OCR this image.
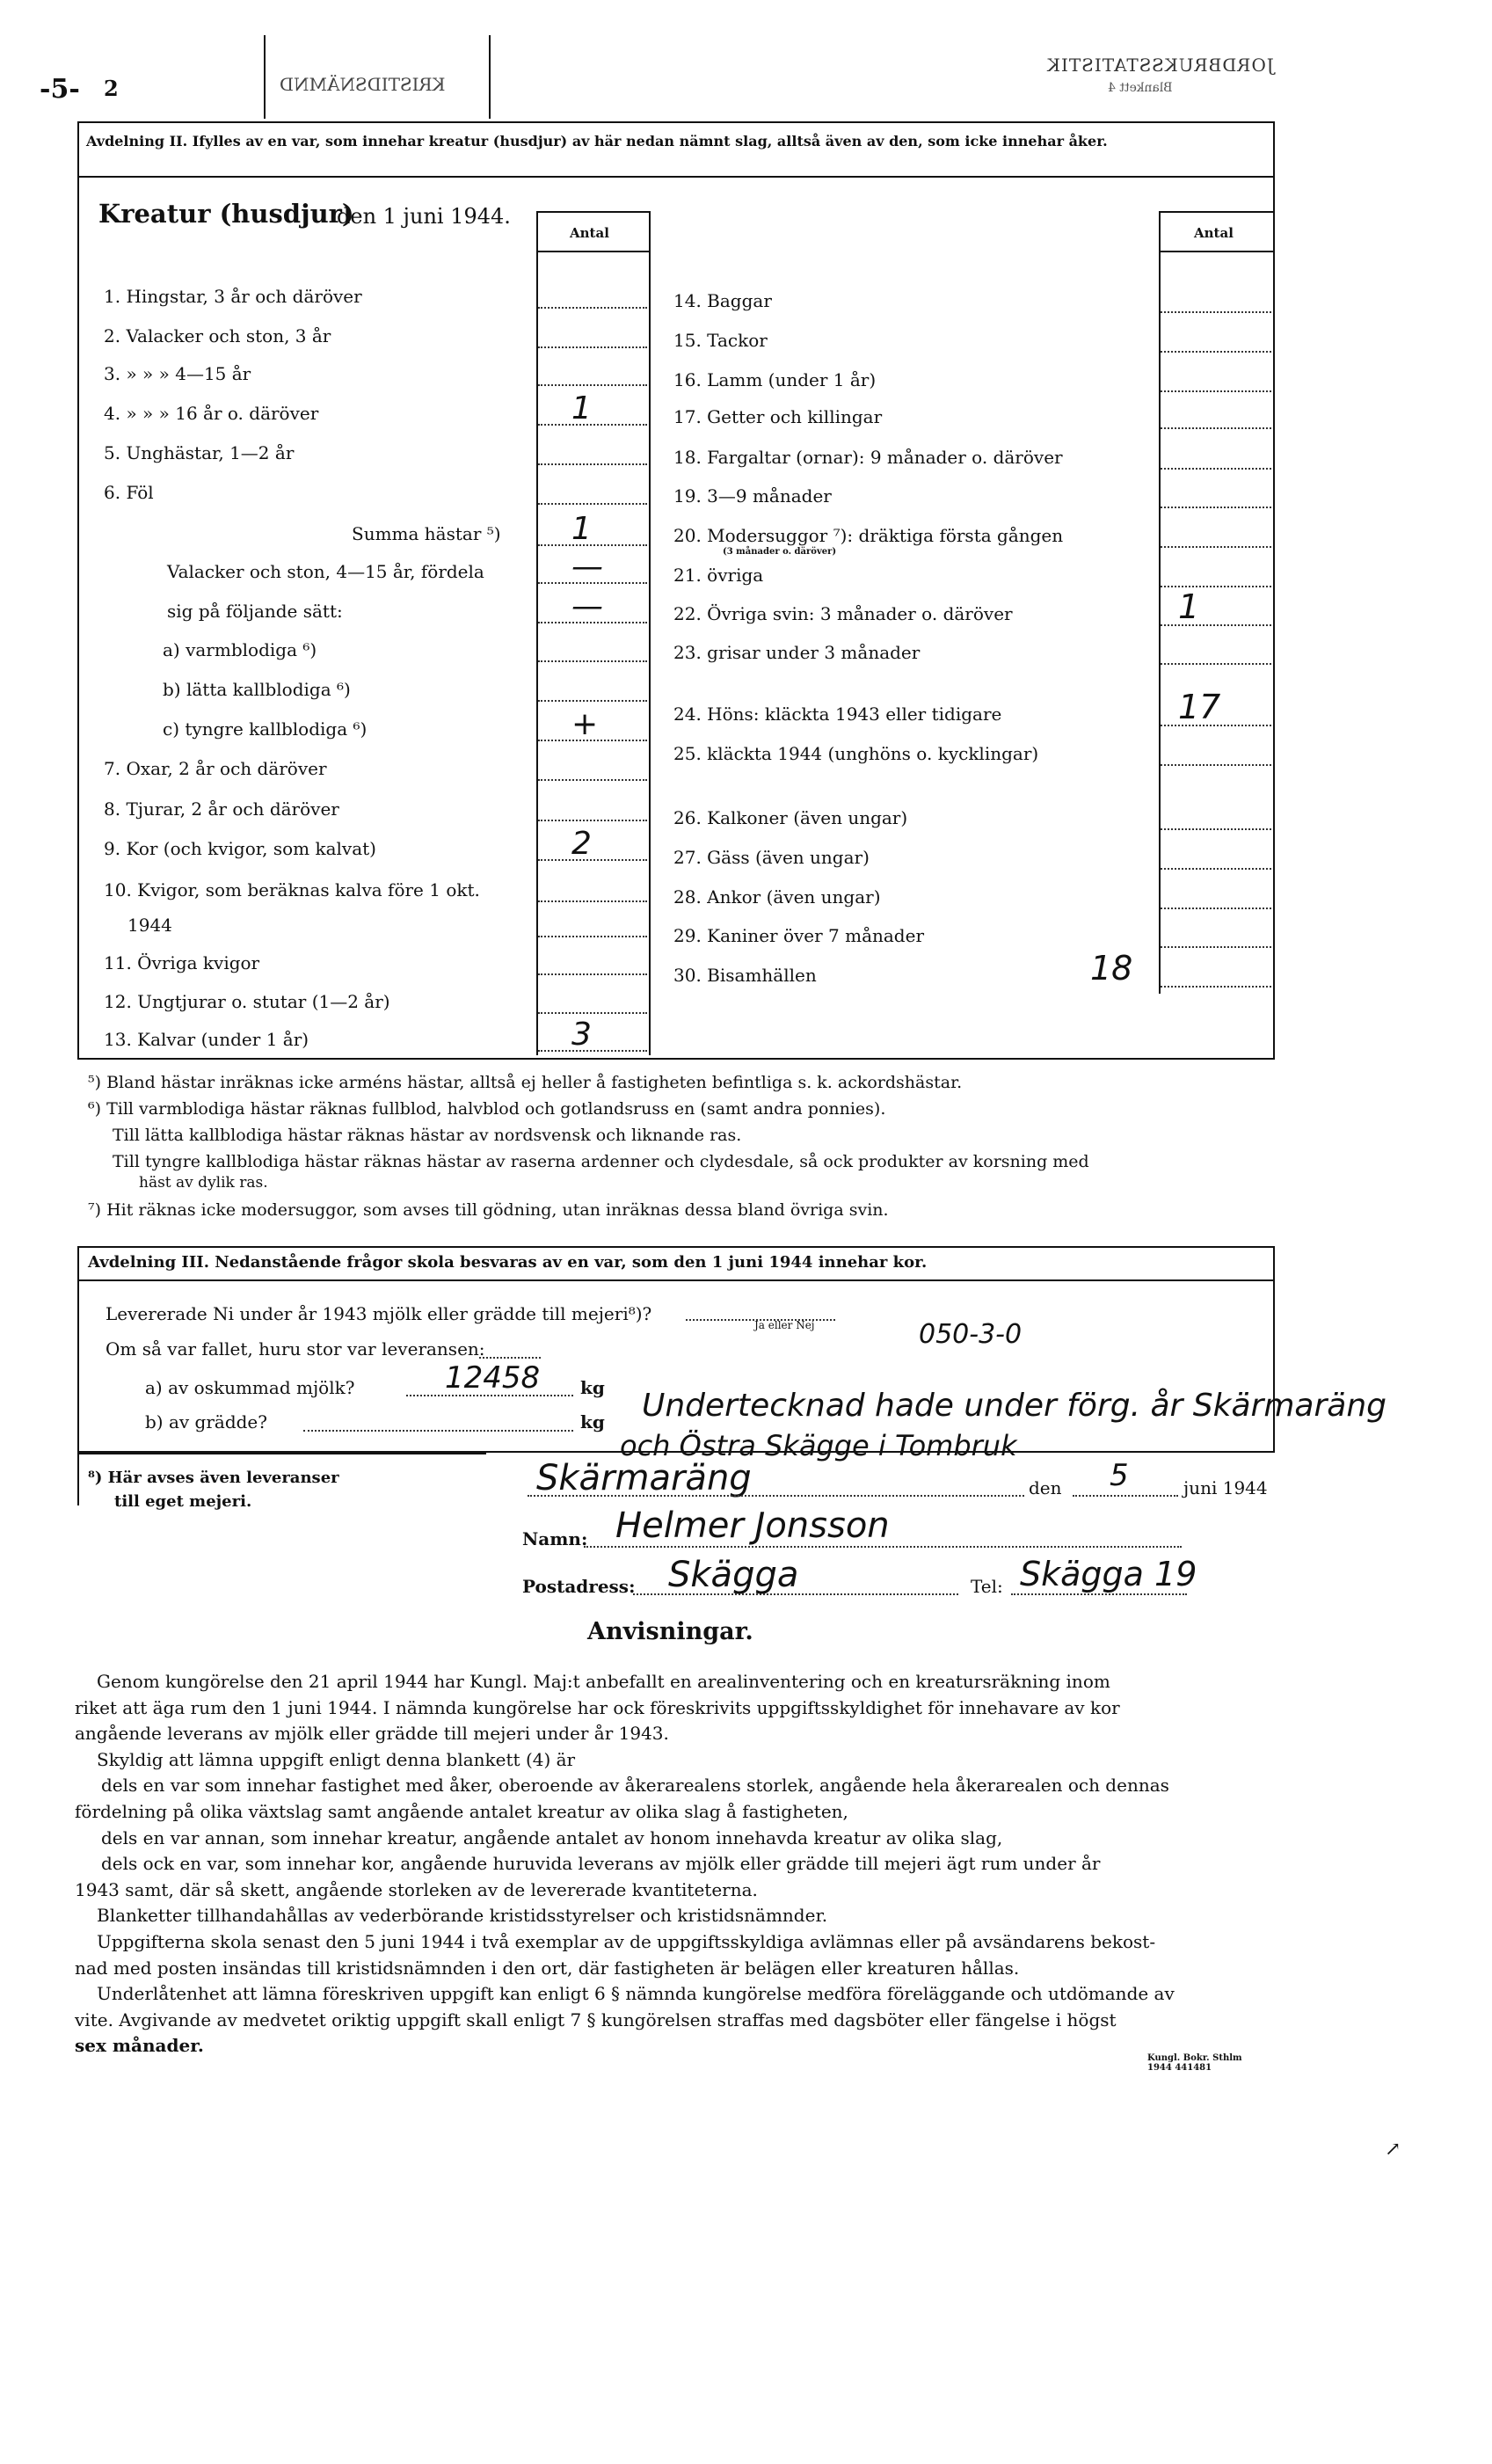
-5- 2	KRISTIDSNÄMND
JORDBRUKSSTATISTIK
Blankett 4
Avdelning II. Ifylles av en var, som innehar kreatur (husdjur) av här nedan nämnt slag, alltså även av den, som icke innehar åker.
Kreatur (husdjur)
den 1 juni 1944.
Antal	Antal
1. Hingstar, 3 år och däröver
2. Valacker och ston, 3 år
3. » » » 4—15 år
4. » » » 16 år o. däröver	1
5. Unghästar, 1—2 år
6. Föl
Summa hästar ⁵) 1
Valacker och ston, 4—15 år, fördela	—
sig på följande sätt:	—
a) varmblodiga ⁶)
b) lätta kallblodiga ⁶)
c) tyngre kallblodiga ⁶)	+
7. Oxar, 2 år och däröver
8. Tjurar, 2 år och däröver
9. Kor (och kvigor, som kalvat)	2
10. Kvigor, som beräknas kalva före 1 okt.
1944
11. Övriga kvigor
12. Ungtjurar o. stutar (1—2 år)
13. Kalvar (under 1 år)	3
14. Baggar
15. Tackor
16. Lamm (under 1 år)
17. Getter och killingar
18. Fargaltar (ornar): 9 månader o. däröver
19. 3—9 månader
20. Modersuggor ⁷): dräktiga första gången
(3 månader o. däröver)
21. övriga
22. Övriga svin: 3 månader o. däröver	1
23. grisar under 3 månader
24. Höns: kläckta 1943 eller tidigare	17
25. kläckta 1944 (unghöns o. kycklingar)
26. Kalkoner (även ungar)
27. Gäss (även ungar)
28. Ankor (även ungar)
29. Kaniner över 7 månader
30. Bisamhällen	18
⁵) Bland hästar inräknas icke arméns hästar, alltså ej heller å fastigheten befintliga s. k. ackordshästar.
⁶) Till varmblodiga hästar räknas fullblod, halvblod och gotlandsruss en (samt andra ponnies).
Till lätta kallblodiga hästar räknas hästar av nordsvensk och liknande ras.
Till tyngre kallblodiga hästar räknas hästar av raserna ardenner och clydesdale, så ock produkter av korsning med
häst av dylik ras.
⁷) Hit räknas icke modersuggor, som avses till gödning, utan inräknas dessa bland övriga svin.
Avdelning III. Nedanstående frågor skola besvaras av en var, som den 1 juni 1944 innehar kor.
Levererade Ni under år 1943 mjölk eller grädde till mejeri⁸)?
Ja eller Nej	050-3-0
Om så var fallet, huru stor var leveransen:
a) av oskummad mjölk?	12458 kg
b) av grädde?	kg Undertecknad hade under förg. år Skärmaräng
och Östra Skägge i Tombruk
⁸) Här avses även leveranser
till eget mejeri.
Skärmaräng	den 5	juni 1944
Namn: Helmer Jonsson
Postadress: Skägga	Tel: Skägga 19
Anvisningar.
Genom kungörelse den 21 april 1944 har Kungl. Maj:t anbefallt en arealinventering och en kreatursräkning inom
riket att äga rum den 1 juni 1944. I nämnda kungörelse har ock föreskrivits uppgiftsskyldighet för innehavare av kor
angående leverans av mjölk eller grädde till mejeri under år 1943.
Skyldig att lämna uppgift enligt denna blankett (4) är
dels en var som innehar fastighet med åker, oberoende av åkerarealens storlek, angående hela åkerarealen och dennas
fördelning på olika växtslag samt angående antalet kreatur av olika slag å fastigheten,
dels en var annan, som innehar kreatur, angående antalet av honom innehavda kreatur av olika slag,
dels ock en var, som innehar kor, angående huruvida leverans av mjölk eller grädde till mejeri ägt rum under år
1943 samt, där så skett, angående storleken av de levererade kvantiteterna.
Blanketter tillhandahållas av vederbörande kristidsstyrelser och kristidsnämnder.
Uppgifterna skola senast den 5 juni 1944 i två exemplar av de uppgiftsskyldiga avlämnas eller på avsändarens bekost-
nad med posten insändas till kristidsnämnden i den ort, där fastigheten är belägen eller kreaturen hållas.
Underlåtenhet att lämna föreskriven uppgift kan enligt 6 § nämnda kungörelse medföra föreläggande och utdömande av
vite. Avgivande av medvetet oriktig uppgift skall enligt 7 § kungörelsen straffas med dagsböter eller fängelse i högst
sex månader.
Kungl. Bokr. Sthlm 1944 441481
↗
